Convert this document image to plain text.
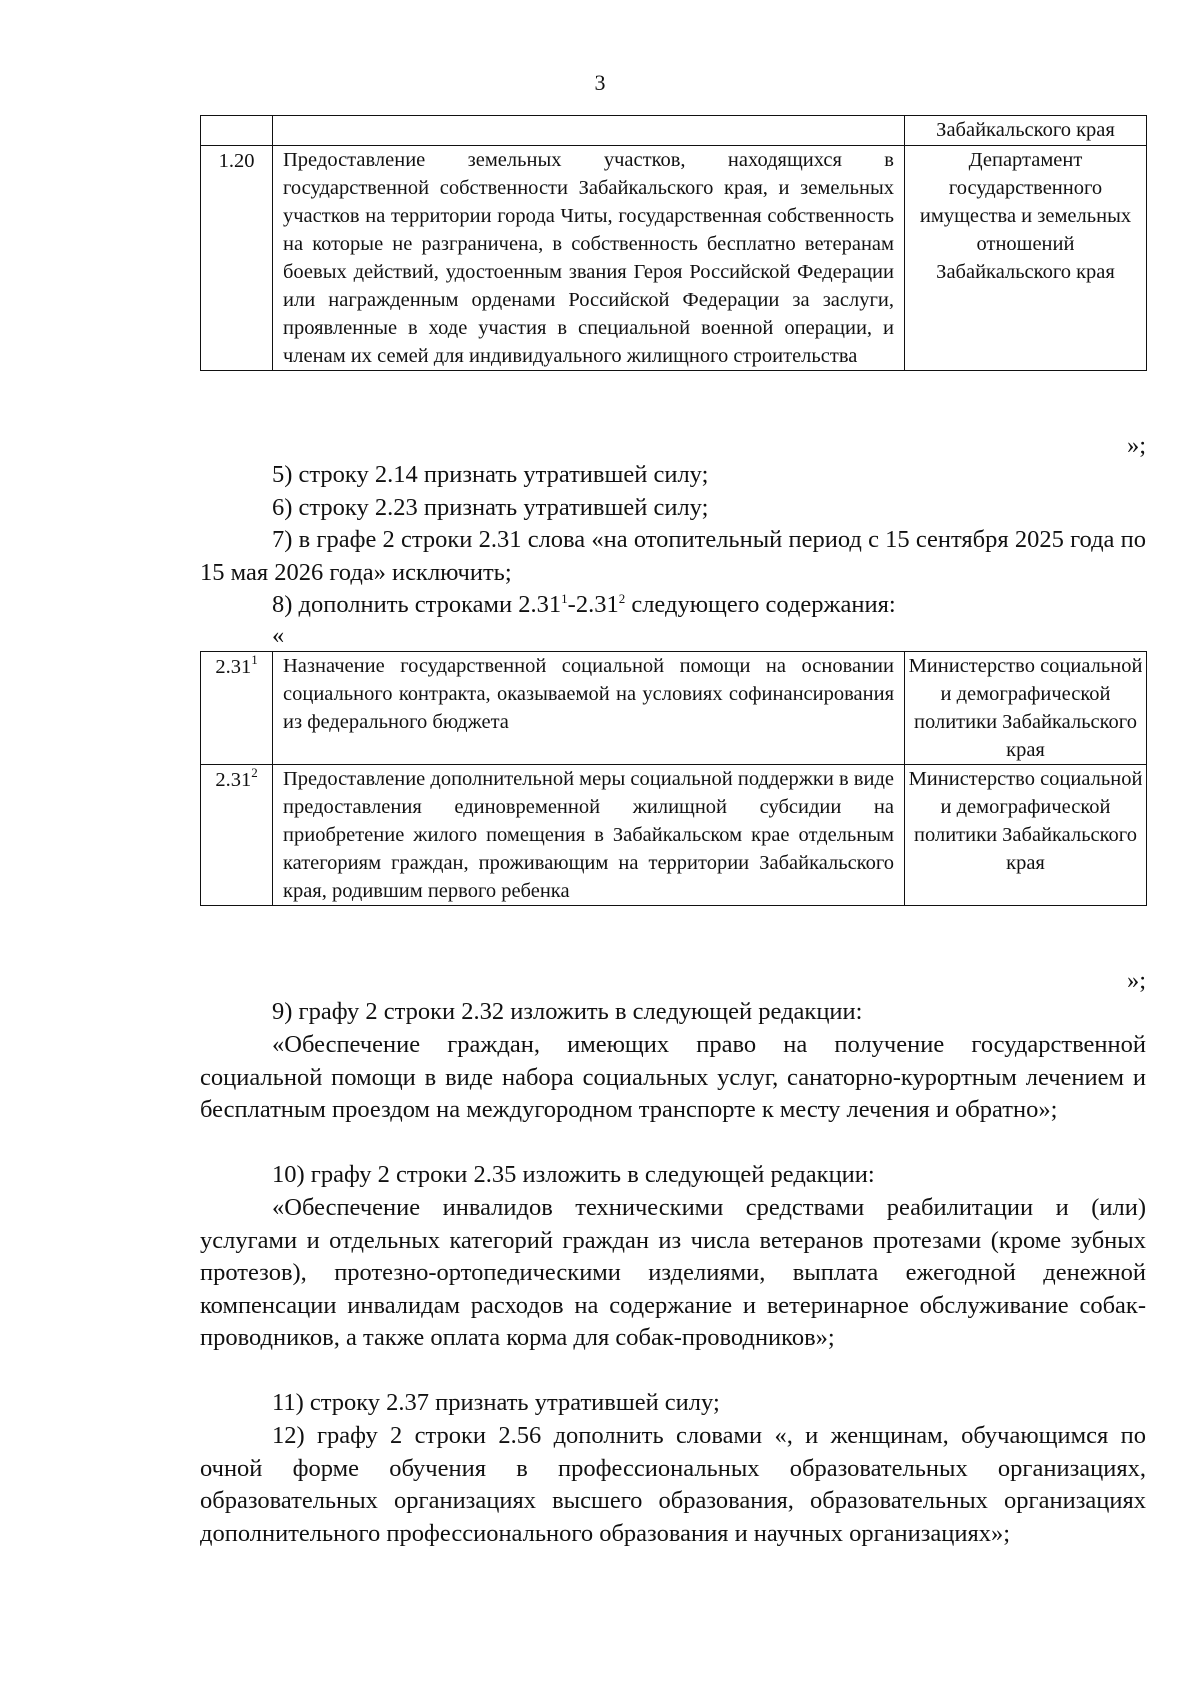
3
		Забайкальского края
1.20	Предоставление земельных участков, находящихся в государственной собственности Забайкальского края, и земельных участков на территории города Читы, государственная собственность на которые не разграничена, в собственность бесплатно ветеранам боевых действий, удостоенным звания Героя Российской Федерации или награжденным орденами Российской Федерации за заслуги, проявленные в ходе участия в специальной военной операции, и членам их семей для индивидуального жилищного строительства	Департамент государственного имущества и земельных отношений Забайкальского края
»;

5) строку 2.14 признать утратившей силу;

6) строку 2.23 признать утратившей силу;

7) в графе 2 строки 2.31 слова «на отопительный период с 15 сентября 2025 года по 15 мая 2026 года» исключить;

8) дополнить строками 2.31$^1$-2.31$^2$ следующего содержания:

«
2.31$^1$	Назначение государственной социальной помощи на основании социального контракта, оказываемой на условиях софинансирования из федерального бюджета	Министерство социальной и демографической политики Забайкальского края
2.31$^2$	Предоставление дополнительной меры социальной поддержки в виде предоставления единовременной жилищной субсидии на приобретение жилого помещения в Забайкальском крае отдельным категориям граждан, проживающим на территории Забайкальского края, родившим первого ребенка	Министерство социальной и демографической политики Забайкальского края
»;

9) графу 2 строки 2.32 изложить в следующей редакции:

«Обеспечение граждан, имеющих право на получение государственной социальной помощи в виде набора социальных услуг, санаторно-курортным лечением и бесплатным проездом на междугородном транспорте к месту лечения и обратно»;

10) графу 2 строки 2.35 изложить в следующей редакции:

«Обеспечение инвалидов техническими средствами реабилитации и (или) услугами и отдельных категорий граждан из числа ветеранов протезами (кроме зубных протезов), протезно-ортопедическими изделиями, выплата ежегодной денежной компенсации инвалидам расходов на содержание и ветеринарное обслуживание собак-проводников, а также оплата корма для собак-проводников»;

11) строку 2.37 признать утратившей силу;

12) графу 2 строки 2.56 дополнить словами «, и женщинам, обучающимся по очной форме обучения в профессиональных образовательных организациях, образовательных организациях высшего образования, образовательных организациях дополнительного профессионального образования и научных организациях»;
